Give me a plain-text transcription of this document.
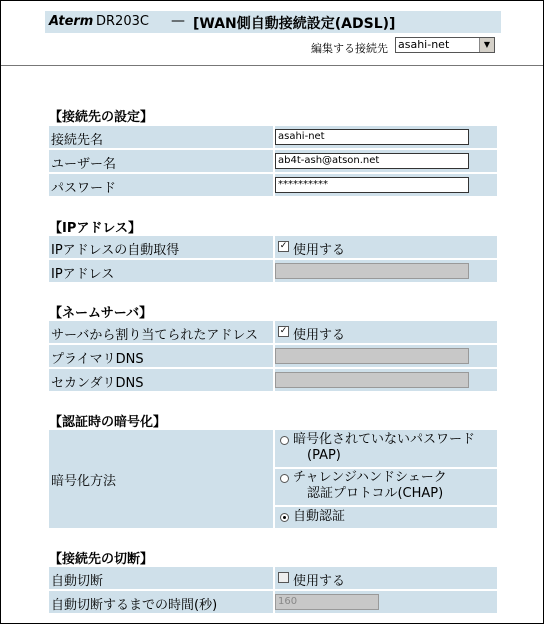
Aterm DR203C — [WAN側自動接続設定(ADSL)]
編集する接続先 asahi-net	▼
【接続先の設定】
接続先名	asahi-net
ユーザー名	ab4t-ash@atson.net
パスワード	**********
【IPアドレス】
IPアドレスの自動取得	✓ 使用する
IPアドレス
【ネームサーバ】
サーバから割り当てられたアドレス ✓ 使用する
プライマリDNS
セカンダリDNS
【認証時の暗号化】
暗号化方法
暗号化されていないパスワード
(PAP)
チャレンジハンドシェーク
認証プロトコル(CHAP)
自動認証
【接続先の切断】
自動切断	使用する
自動切断するまでの時間(秒)	160
